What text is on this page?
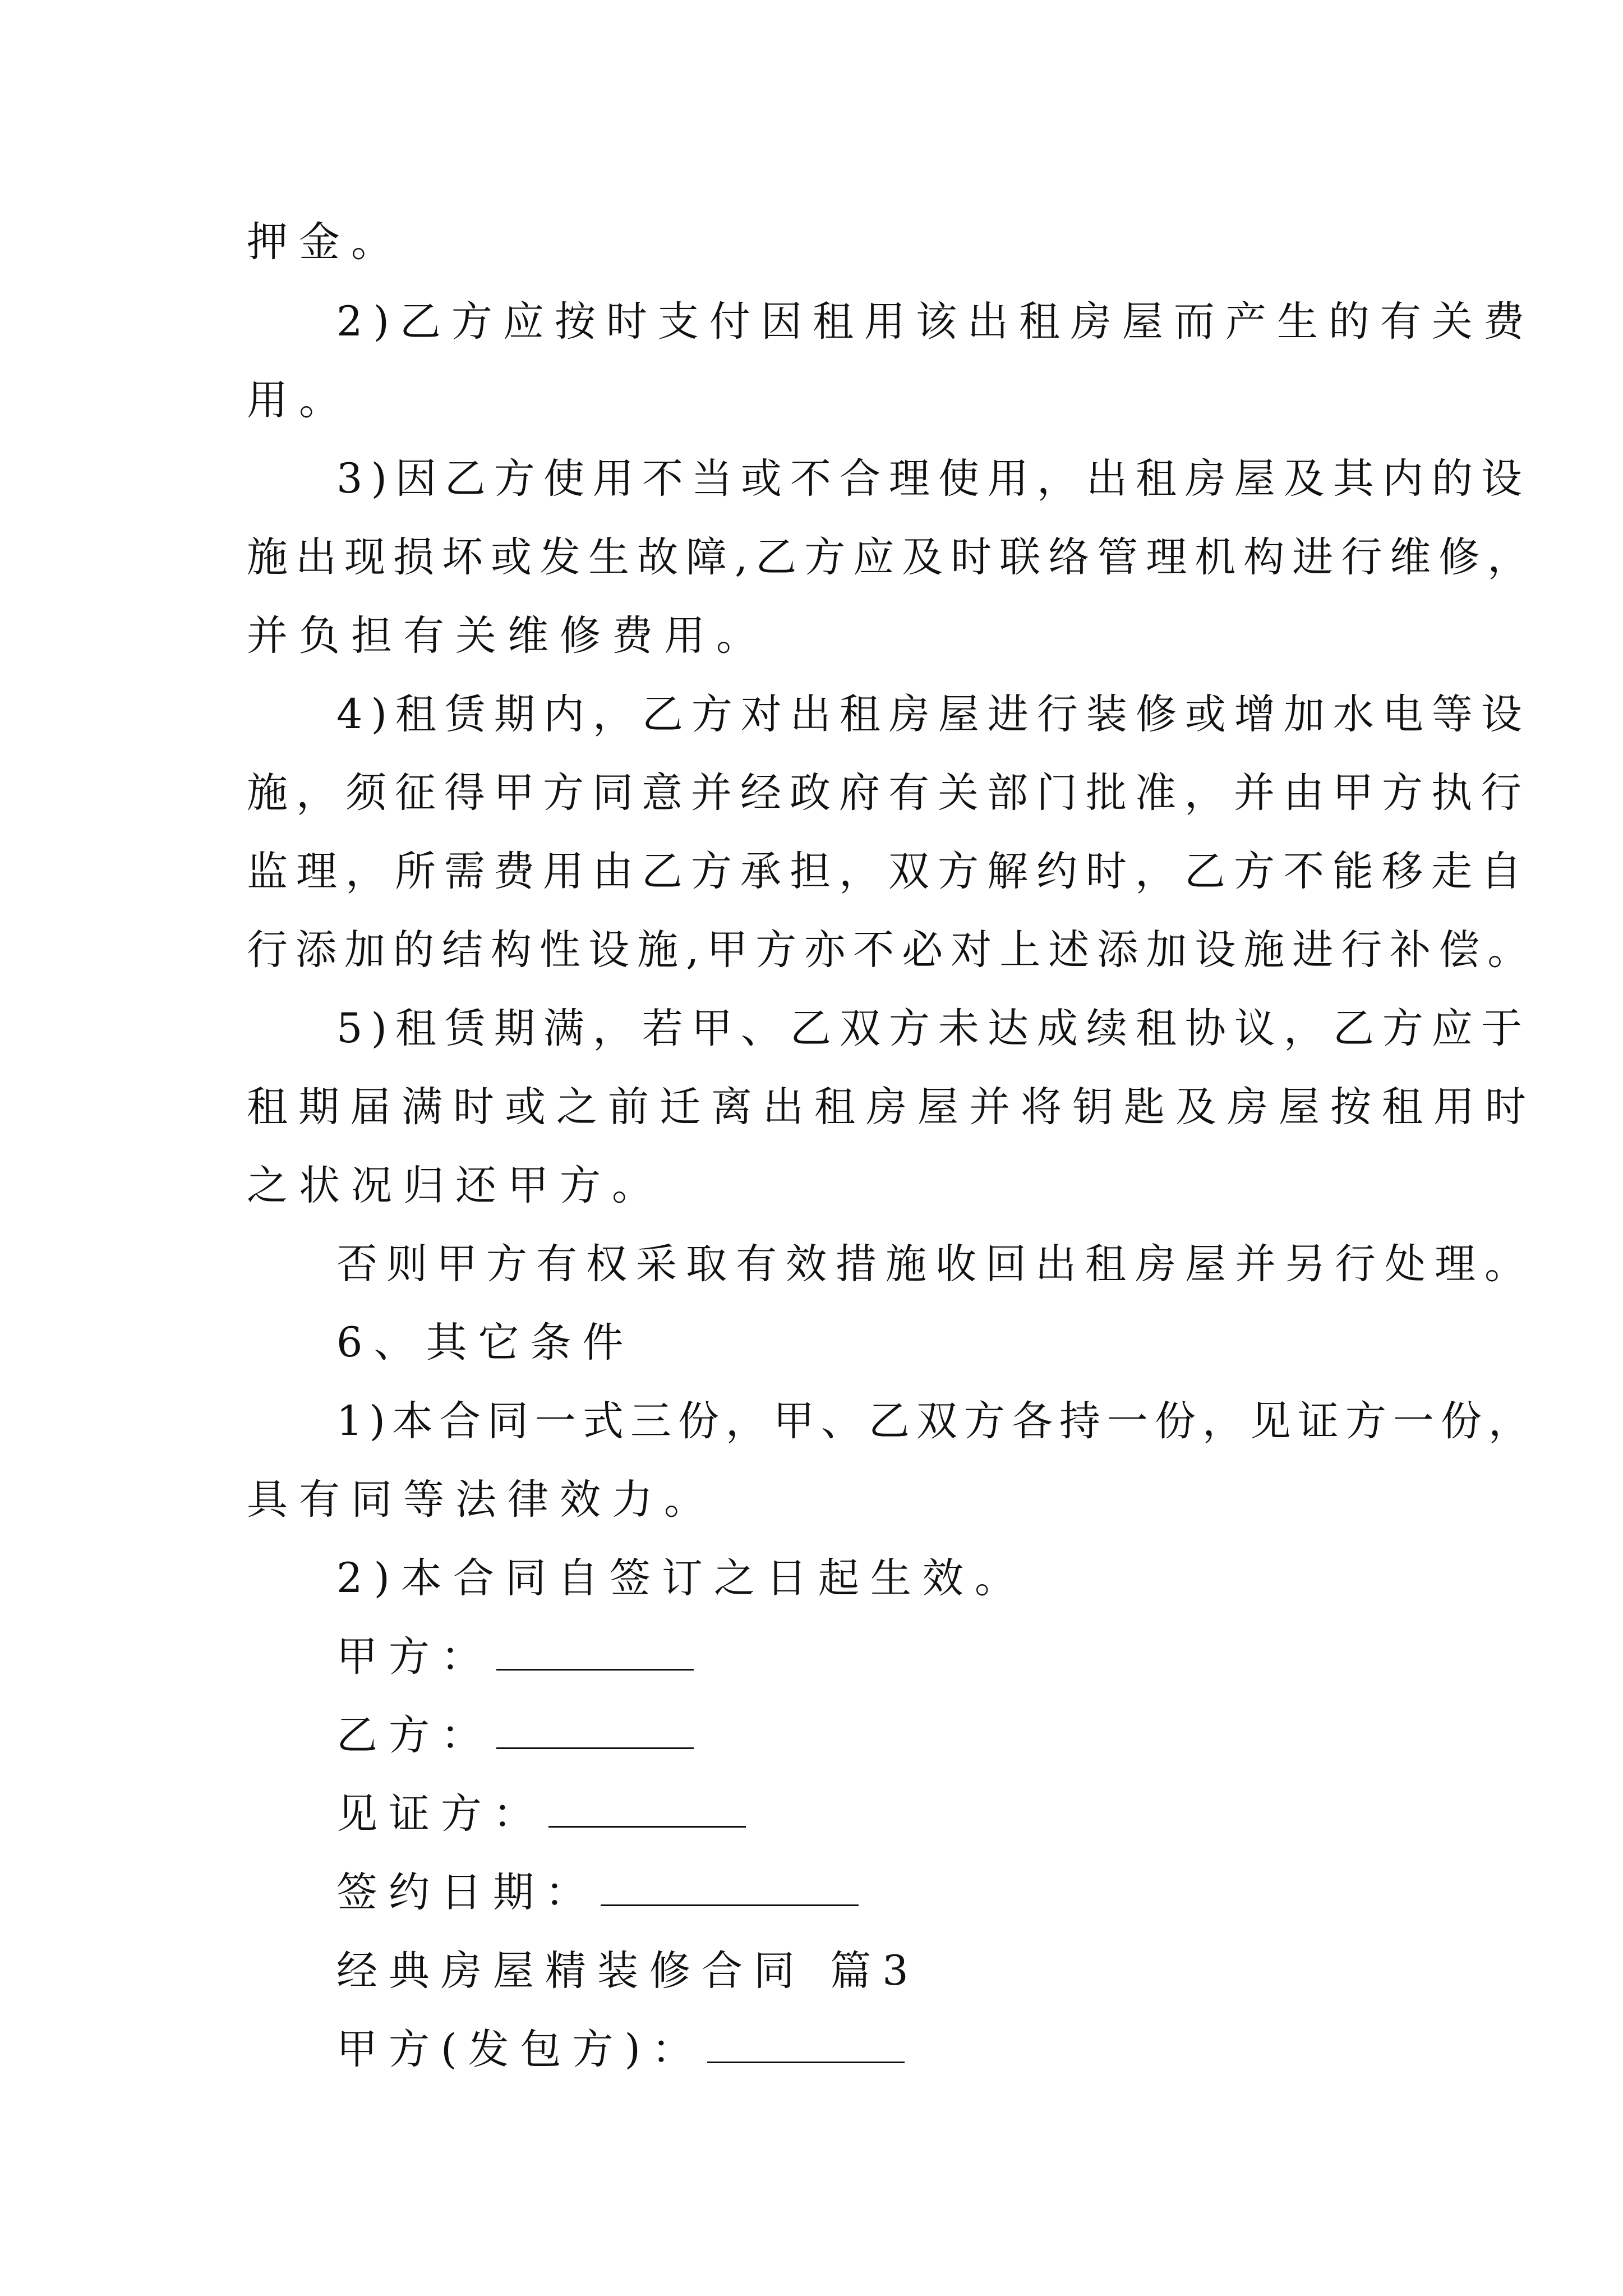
押金。
2)乙方应按时支付因租用该出租房屋而产生的有关费
用。
3)因乙方使用不当或不合理使用，出租房屋及其内的设
施出现损坏或发生故障,乙方应及时联络管理机构进行维修，
并负担有关维修费用。
4)租赁期内，乙方对出租房屋进行装修或增加水电等设
施，须征得甲方同意并经政府有关部门批准，并由甲方执行
监理，所需费用由乙方承担，双方解约时，乙方不能移走自
行添加的结构性设施,甲方亦不必对上述添加设施进行补偿。
5)租赁期满，若甲、乙双方未达成续租协议，乙方应于
租期届满时或之前迁离出租房屋并将钥匙及房屋按租用时
之状况归还甲方。
否则甲方有权采取有效措施收回出租房屋并另行处理。
6、其它条件
1)本合同一式三份，甲、乙双方各持一份，见证方一份，
具有同等法律效力。
2)本合同自签订之日起生效。
甲方：
乙方：
见证方：
签约日期：
经典房屋精装修合同 篇3
甲方(发包方)：
